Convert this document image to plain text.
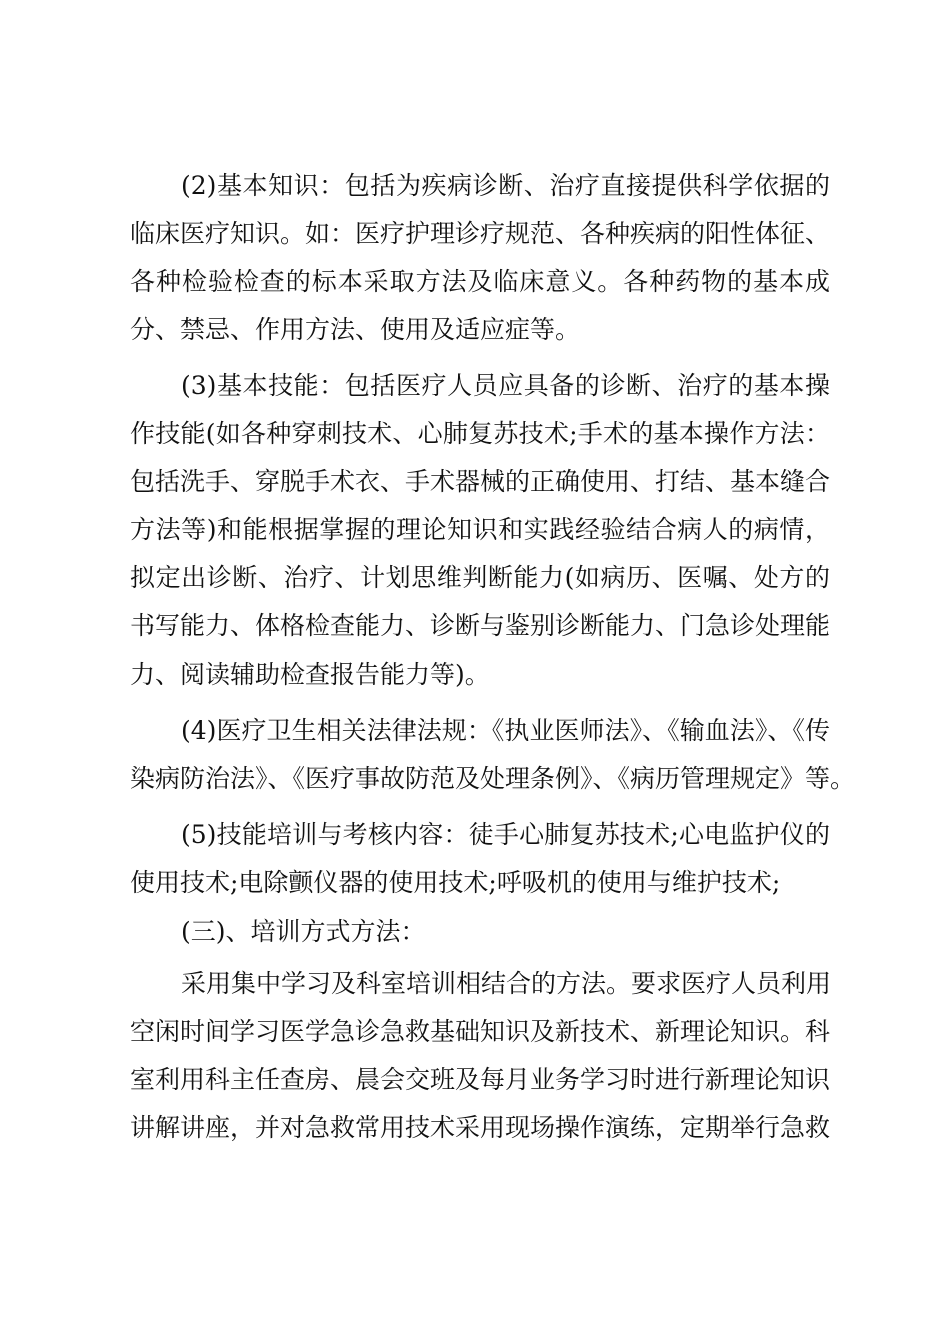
(2)基本知识：包括为疾病诊断、治疗直接提供科学依据的
临床医疗知识。如：医疗护理诊疗规范、各种疾病的阳性体征、
各种检验检查的标本采取方法及临床意义。各种药物的基本成
分、禁忌、作用方法、使用及适应症等。
(3)基本技能：包括医疗人员应具备的诊断、治疗的基本操
作技能(如各种穿刺技术、心肺复苏技术;手术的基本操作方法：
包括洗手、穿脱手术衣、手术器械的正确使用、打结、基本缝合
方法等)和能根据掌握的理论知识和实践经验结合病人的病情，
拟定出诊断、治疗、计划思维判断能力(如病历、医嘱、处方的
书写能力、体格检查能力、诊断与鉴别诊断能力、门急诊处理能
力、阅读辅助检查报告能力等)。
(4)医疗卫生相关法律法规：《执业医师法》、《输血法》、《传
染病防治法》、《医疗事故防范及处理条例》、《病历管理规定》等。
(5)技能培训与考核内容：徒手心肺复苏技术;心电监护仪的
使用技术;电除颤仪器的使用技术;呼吸机的使用与维护技术;
(三)、培训方式方法：
采用集中学习及科室培训相结合的方法。要求医疗人员利用
空闲时间学习医学急诊急救基础知识及新技术、新理论知识。科
室利用科主任查房、晨会交班及每月业务学习时进行新理论知识
讲解讲座，并对急救常用技术采用现场操作演练，定期举行急救
